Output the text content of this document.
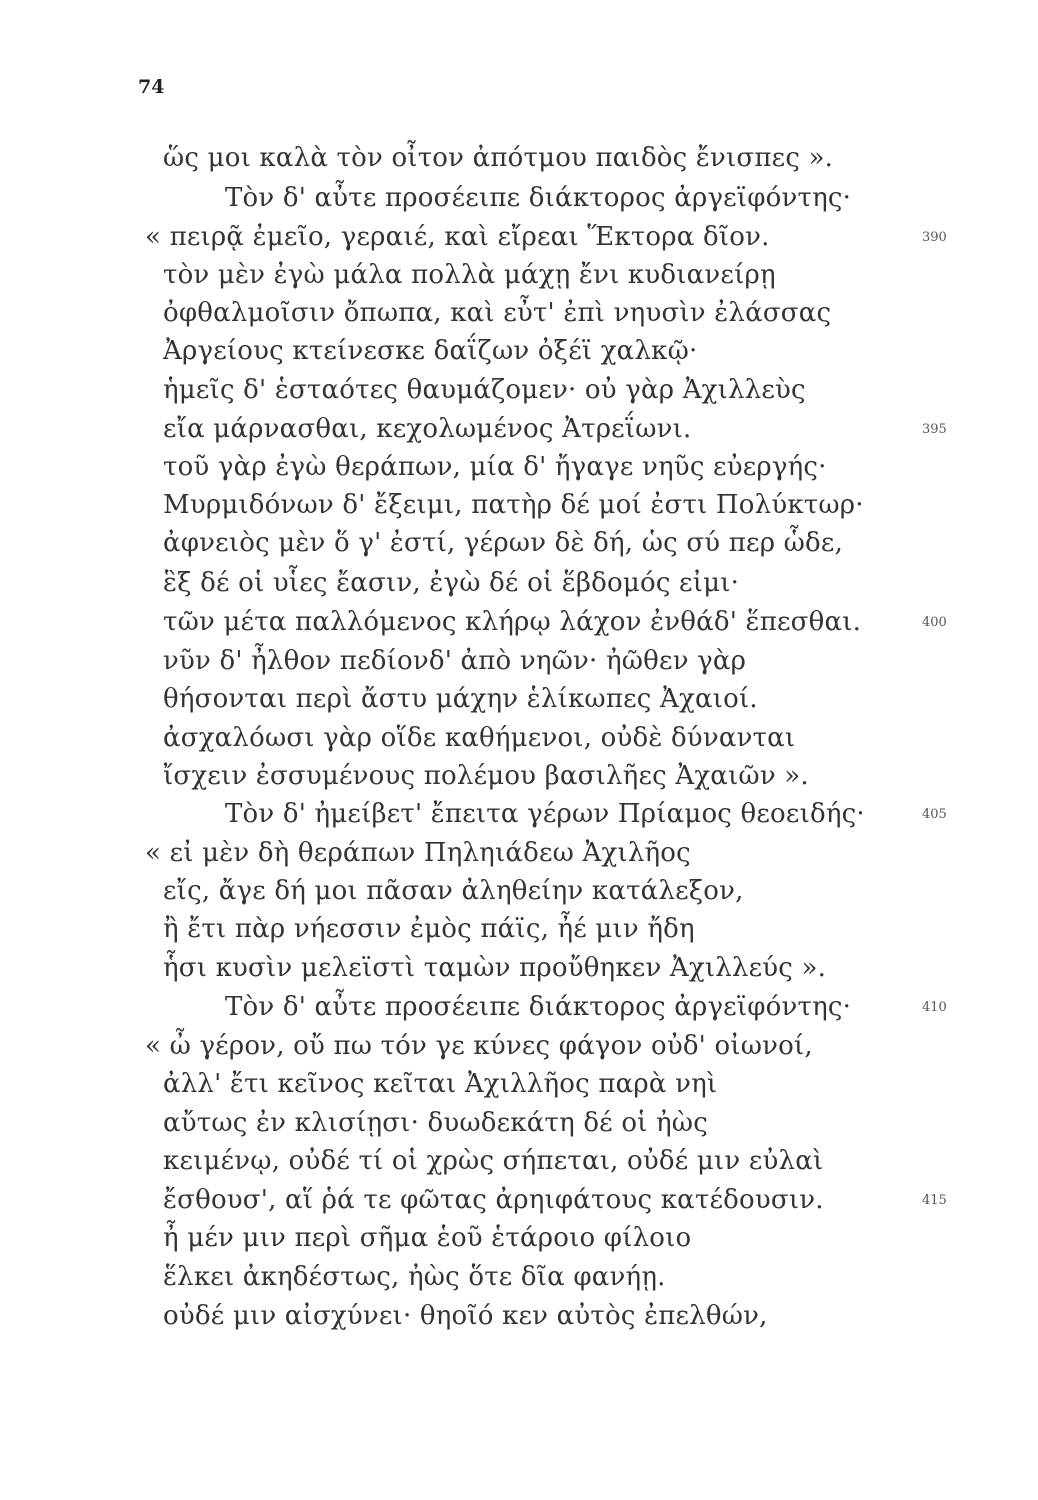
74
ὥς μοι καλὰ τὸν οἶτον ἀπότμου παιδὸς ἔνισπες ».
Τὸν δ' αὖτε προσέειπε διάκτορος ἀργεϊφόντης·
« πειρᾷ ἐμεῖο, γεραιέ, καὶ εἴρεαι Ἕκτορα δῖον.	390
τὸν μὲν ἐγὼ μάλα πολλὰ μάχῃ ἔνι κυδιανείρῃ
ὀφθαλμοῖσιν ὄπωπα, καὶ εὖτ' ἐπὶ νηυσὶν ἐλάσσας
Ἀργείους κτείνεσκε δαΐζων ὀξέϊ χαλκῷ·
ἡμεῖς δ' ἑσταότες θαυμάζομεν· οὐ γὰρ Ἀχιλλεὺς
εἴα μάρνασθαι, κεχολωμένος Ἀτρεΐωνι.	395
τοῦ γὰρ ἐγὼ θεράπων, μία δ' ἤγαγε νηῦς εὐεργής·
Μυρμιδόνων δ' ἔξειμι, πατὴρ δέ μοί ἐστι Πολύκτωρ·
ἀφνειὸς μὲν ὅ γ' ἐστί, γέρων δὲ δή, ὡς σύ περ ὧδε,
ἓξ δέ οἱ υἷες ἔασιν, ἐγὼ δέ οἱ ἕβδομός εἰμι·
τῶν μέτα παλλόμενος κλήρῳ λάχον ἐνθάδ' ἕπεσθαι.	400
νῦν δ' ἦλθον πεδίονδ' ἀπὸ νηῶν· ἠῶθεν γὰρ
θήσονται περὶ ἄστυ μάχην ἑλίκωπες Ἀχαιοί.
ἀσχαλόωσι γὰρ οἵδε καθήμενοι, οὐδὲ δύνανται
ἴσχειν ἐσσυμένους πολέμου βασιλῆες Ἀχαιῶν ».
Τὸν δ' ἠμείβετ' ἔπειτα γέρων Πρίαμος θεοειδής·	405
« εἰ μὲν δὴ θεράπων Πηληιάδεω Ἀχιλῆος
εἴς, ἄγε δή μοι πᾶσαν ἀληθείην κατάλεξον,
ἢ ἔτι πὰρ νήεσσιν ἐμὸς πάϊς, ἦέ μιν ἤδη
ἧσι κυσὶν μελεϊστὶ ταμὼν προὔθηκεν Ἀχιλλεύς ».
Τὸν δ' αὖτε προσέειπε διάκτορος ἀργεϊφόντης·	410
« ὦ γέρον, οὔ πω τόν γε κύνες φάγον οὐδ' οἰωνοί,
ἀλλ' ἔτι κεῖνος κεῖται Ἀχιλλῆος παρὰ νηὶ
αὔτως ἐν κλισίῃσι· δυωδεκάτη δέ οἱ ἠὼς
κειμένῳ, οὐδέ τί οἱ χρὼς σήπεται, οὐδέ μιν εὐλαὶ
ἔσθουσ', αἵ ῥά τε φῶτας ἀρηιφάτους κατέδουσιν.	415
ἦ μέν μιν περὶ σῆμα ἑοῦ ἑτάροιο φίλοιο
ἕλκει ἀκηδέστως, ἠὼς ὅτε δῖα φανήῃ.
οὐδέ μιν αἰσχύνει· θηοῖό κεν αὐτὸς ἐπελθών,
